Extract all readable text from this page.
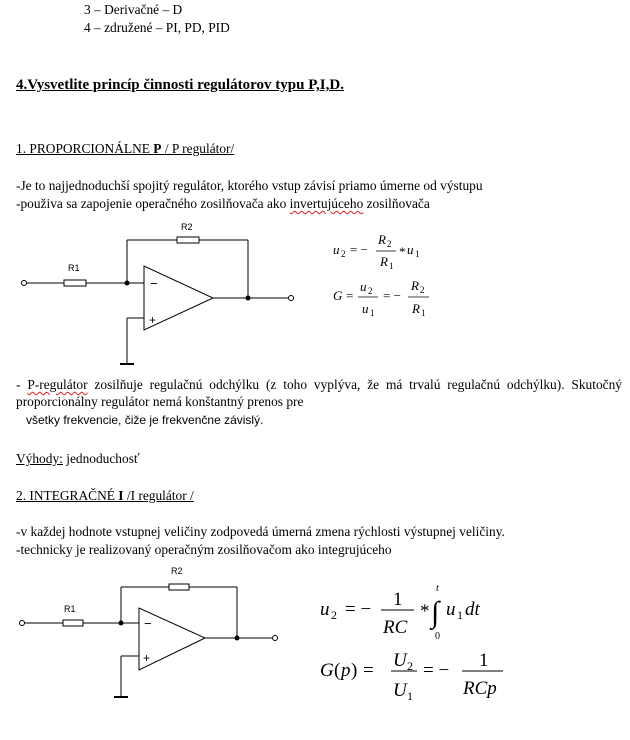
3 – Derivačné – D
4 – združené – PI, PD, PID
4.Vysvetlite princíp činnosti regulátorov typu P,I,D.
1. PROPORCIONÁLNE P / P regulátor/
-Je to najjednoduchší spojitý regulátor, ktorého vstup závisí priamo úmerne od výstupu
-použiva sa zapojenie operačného zosilňovača ako invertujúceho zosilňovača
−
+
R2
R1
u 2 = −
R 2
R 1
* u 1
G =
u 2
u 1
= −
R 2
R 1
−
+
R2
R1	u 2 = − 1
RC
*
t
∫
0
u 1 dt
G ( p ) = U 2
U 1
= − 1
RCp
- P-regulátor zosilňuje regulačnú odchýlku (z toho vyplýva, že má trvalú regulačnú odchýlku). Skutočný proporcionálny regulátor nemá konštantný prenos pre
všetky frekvencie, čiže je frekvenčne závislý.
Výhody: jednoduchosť
2. INTEGRAČNÉ I /I regulátor /
-v každej hodnote vstupnej veličiny zodpovedá úmerná zmena rýchlosti výstupnej veličiny.
-technicky je realizovaný operačným zosilňovačom ako integrujúceho
